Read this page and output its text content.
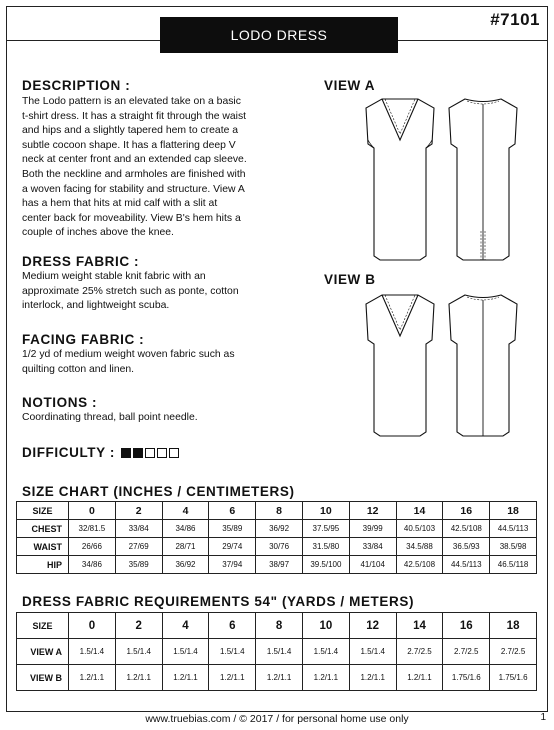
LODO DRESS
#7101
DESCRIPTION :
The Lodo pattern is an elevated take on a basic
t-shirt dress. It has a straight fit through the waist
and hips and a slightly tapered hem to create a
subtle cocoon shape. It has a flattering deep V
neck at center front and an extended cap sleeve.
Both the neckline and armholes are finished with
a woven facing for stability and structure. View A
has a hem that hits at mid calf with a slit at
center back for moveability. View B's hem hits a
couple of inches above the knee.
DRESS FABRIC :
Medium weight stable knit fabric with an
approximate 25% stretch such as ponte, cotton
interlock, and lightweight scuba.
FACING FABRIC :
1/2 yd of medium weight woven fabric such as
quilting cotton and linen.
NOTIONS :
Coordinating thread, ball point needle.
DIFFICULTY :
VIEW A
VIEW B
SIZE CHART (INCHES / CENTIMETERS)
SIZE	0	2	4	6	8	10	12	14	16	18
CHEST	32/81.5	33/84	34/86	35/89	36/92	37.5/95	39/99	40.5/103	42.5/108	44.5/113
WAIST	26/66	27/69	28/71	29/74	30/76	31.5/80	33/84	34.5/88	36.5/93	38.5/98
HIP	34/86	35/89	36/92	37/94	38/97	39.5/100	41/104	42.5/108	44.5/113	46.5/118
DRESS FABRIC REQUIREMENTS 54" (YARDS / METERS)
SIZE	0	2	4	6	8	10	12	14	16	18
VIEW A	1.5/1.4	1.5/1.4	1.5/1.4	1.5/1.4	1.5/1.4	1.5/1.4	1.5/1.4	2.7/2.5	2.7/2.5	2.7/2.5
VIEW B	1.2/1.1	1.2/1.1	1.2/1.1	1.2/1.1	1.2/1.1	1.2/1.1	1.2/1.1	1.2/1.1	1.75/1.6	1.75/1.6
www.truebias.com / © 2017 / for personal home use only	1
